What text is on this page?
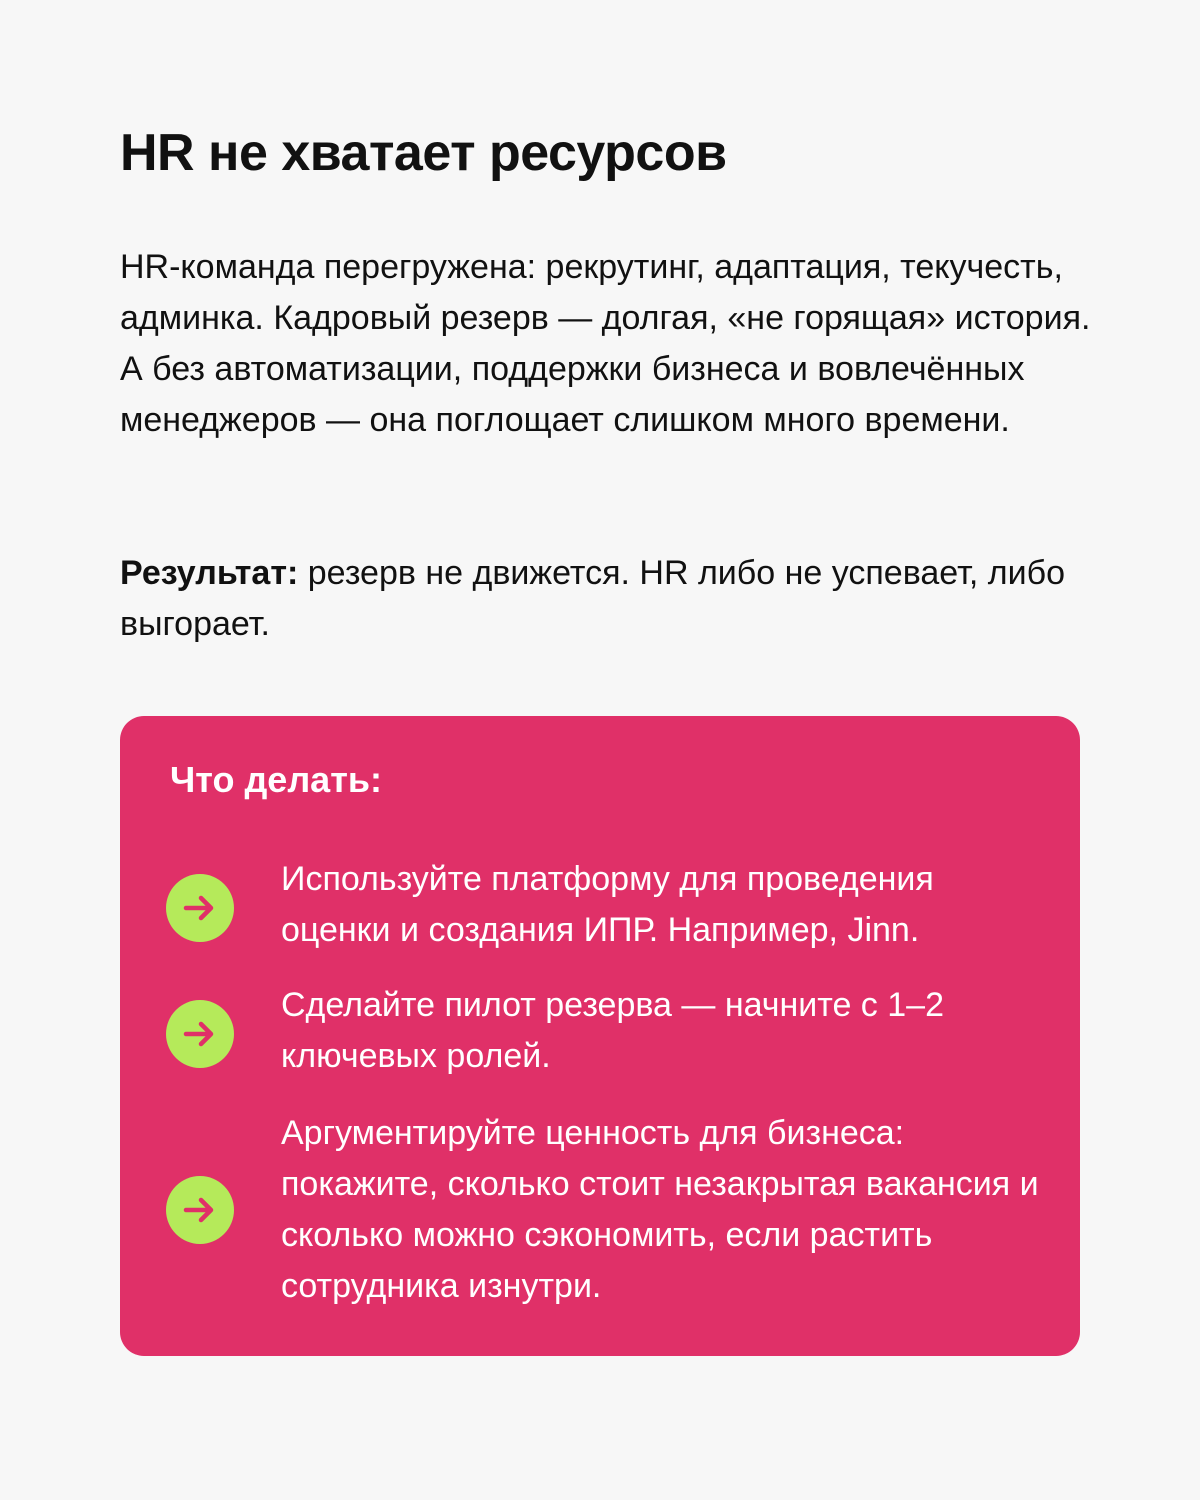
HR не хватает ресурсов

HR-команда перегружена: рекрутинг, адаптация, текучесть, админка. Кадровый резерв — долгая, «не горящая» история. А без автоматизации, поддержки бизнеса и вовлечённых менеджеров — она поглощает слишком много времени.

Результат: резерв не движется. HR либо не успевает, либо выгорает.

Что делать:

Используйте платформу для проведения оценки и создания ИПР. Например, Jinn.

Сделайте пилот резерва — начните с 1–2 ключевых ролей.

Аргументируйте ценность для бизнеса: покажите, сколько стоит незакрытая вакансия и сколько можно сэкономить, если растить сотрудника изнутри.
